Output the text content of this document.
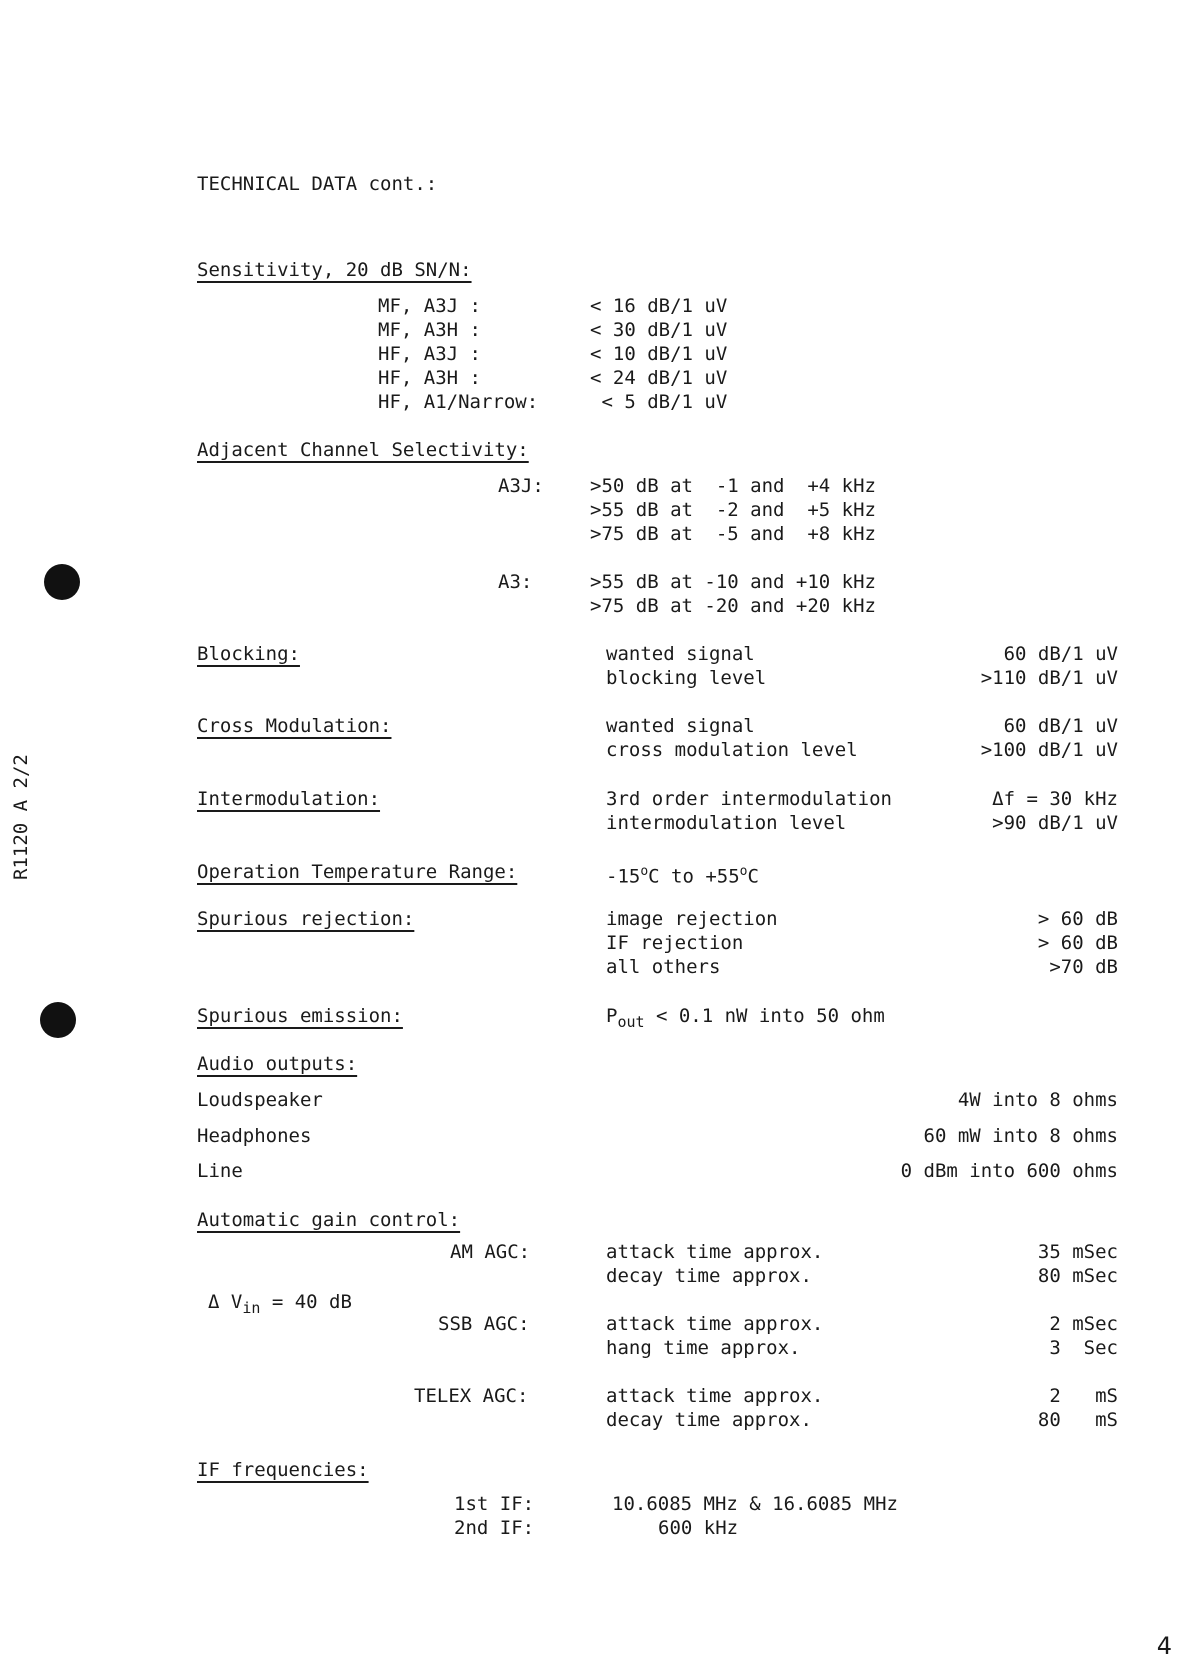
R1120 A 2/2
TECHNICAL DATA cont.:
Sensitivity, 20 dB SN/N:
MF, A3J :	< 16 dB/1 uV
MF, A3H :	< 30 dB/1 uV
HF, A3J :	< 10 dB/1 uV
HF, A3H :	< 24 dB/1 uV
HF, A1/Narrow:	< 5 dB/1 uV
Adjacent Channel Selectivity:
A3J: >50 dB at  -1 and  +4 kHz
>55 dB at  -2 and  +5 kHz
>75 dB at  -5 and  +8 kHz
A3:	>55 dB at -10 and +10 kHz
>75 dB at -20 and +20 kHz
Blocking:	wanted signal	60 dB/1 uV
blocking level	>110 dB/1 uV
Cross Modulation:	wanted signal	60 dB/1 uV
cross modulation level	>100 dB/1 uV
Intermodulation:	3rd order intermodulation	Δf = 30 kHz
intermodulation level	>90 dB/1 uV
Operation Temperature Range:	-15$^o$C to $+55^oC$
Spurious rejection:	image rejection	> 60 dB
IF rejection	> 60 dB
all others	>70 dB
Spurious emission:	$P_{out} < 0.1$ nW into 50 ohm
Audio outputs:
Loudspeaker	4W into 8 ohms
Headphones	60 mW into 8 ohms
Line	0 dBm into 600 ohms
Automatic gain control:
AM AGC:	attack time approx.	35 mSec
decay time approx.	80 mSec
Δ $V_{in} = 40$ dB
SSB AGC:	attack time approx.	2 mSec
hang time approx.	3  Sec
TELEX AGC:	attack time approx.	2   mS
decay time approx.	80   mS
IF frequencies:
1st IF:	10.6085 MHz & 16.6085 MHz
2nd IF:	600 kHz
4
